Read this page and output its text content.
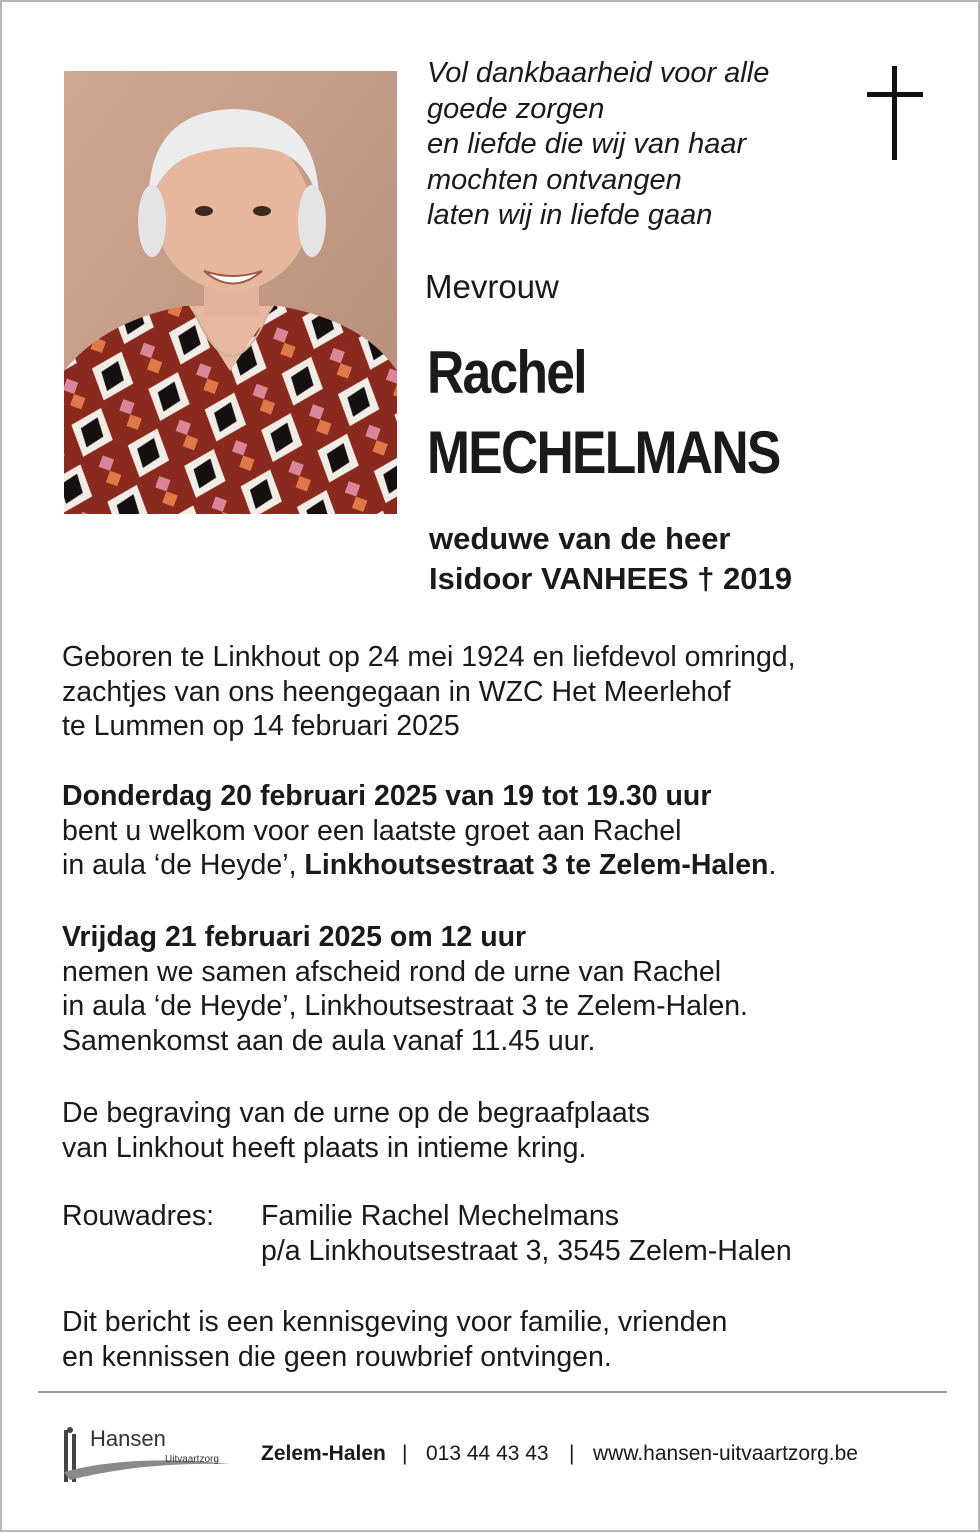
Vol dankbaarheid voor alle
goede zorgen
en liefde die wij van haar
mochten ontvangen
laten wij in liefde gaan
Mevrouw
Rachel
MECHELMANS
weduwe van de heer
Isidoor VANHEES † 2019
Geboren te Linkhout op 24 mei 1924 en liefdevol omringd,
zachtjes van ons heengegaan in WZC Het Meerlehof
te Lummen op 14 februari 2025
Donderdag 20 februari 2025 van 19 tot 19.30 uur
bent u welkom voor een laatste groet aan Rachel
in aula ‘de Heyde’, Linkhoutsestraat 3 te Zelem-Halen.
Vrijdag 21 februari 2025 om 12 uur
nemen we samen afscheid rond de urne van Rachel
in aula ‘de Heyde’, Linkhoutsestraat 3 te Zelem-Halen.
Samenkomst aan de aula vanaf 11.45 uur.
De begraving van de urne op de begraafplaats
van Linkhout heeft plaats in intieme kring.
Rouwadres: Familie Rachel Mechelmans
p/a Linkhoutsestraat 3, 3545 Zelem-Halen
Dit bericht is een kennisgeving voor familie, vrienden
en kennissen die geen rouwbrief ontvingen.
Hansen
Uitvaartzorg Zelem-Halen | 013 44 43 43 | www.hansen-uitvaartzorg.be
